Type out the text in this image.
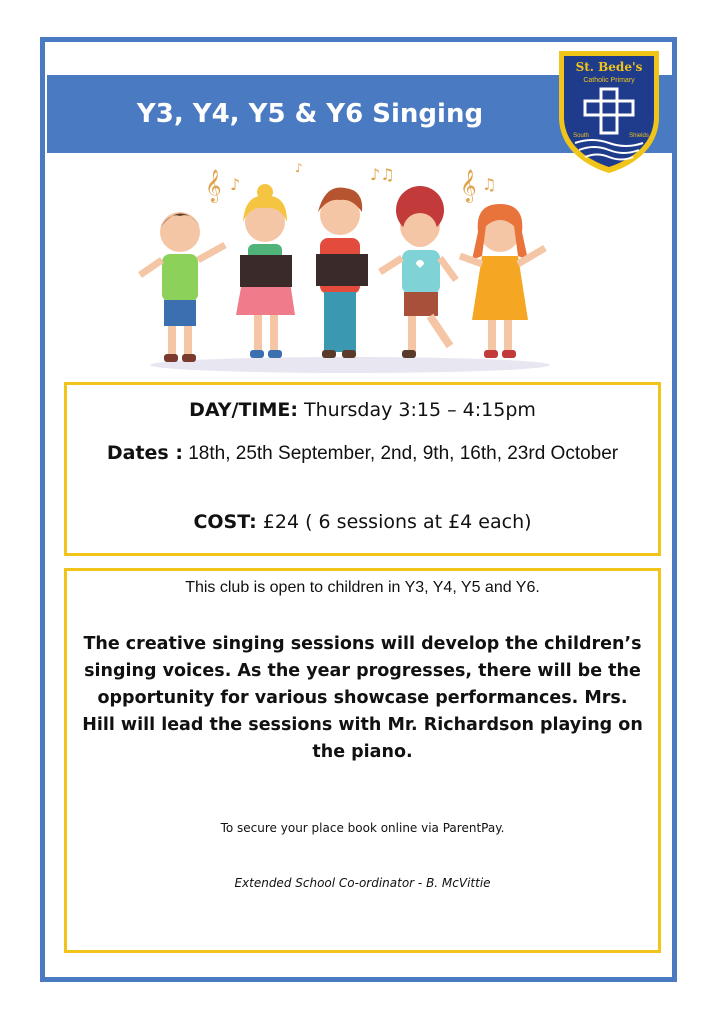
Y3, Y4, Y5 & Y6 Singing
St. Bede's
Catholic Primary
South	Shields
𝄞 ♪
♪♫ 𝄞 ♫
♪
DAY/TIME: Thursday 3:15 – 4:15pm
Dates : 18th, 25th September, 2nd, 9th, 16th, 23rd October
COST: £24 ( 6 sessions at £4 each)
This club is open to children in Y3, Y4, Y5 and Y6.
The creative singing sessions will develop the children’s singing voices. As the year progresses, there will be the opportunity for various showcase performances. Mrs. Hill will lead the sessions with Mr. Richardson playing on the piano.
To secure your place book online via ParentPay.
Extended School Co-ordinator - B. McVittie
